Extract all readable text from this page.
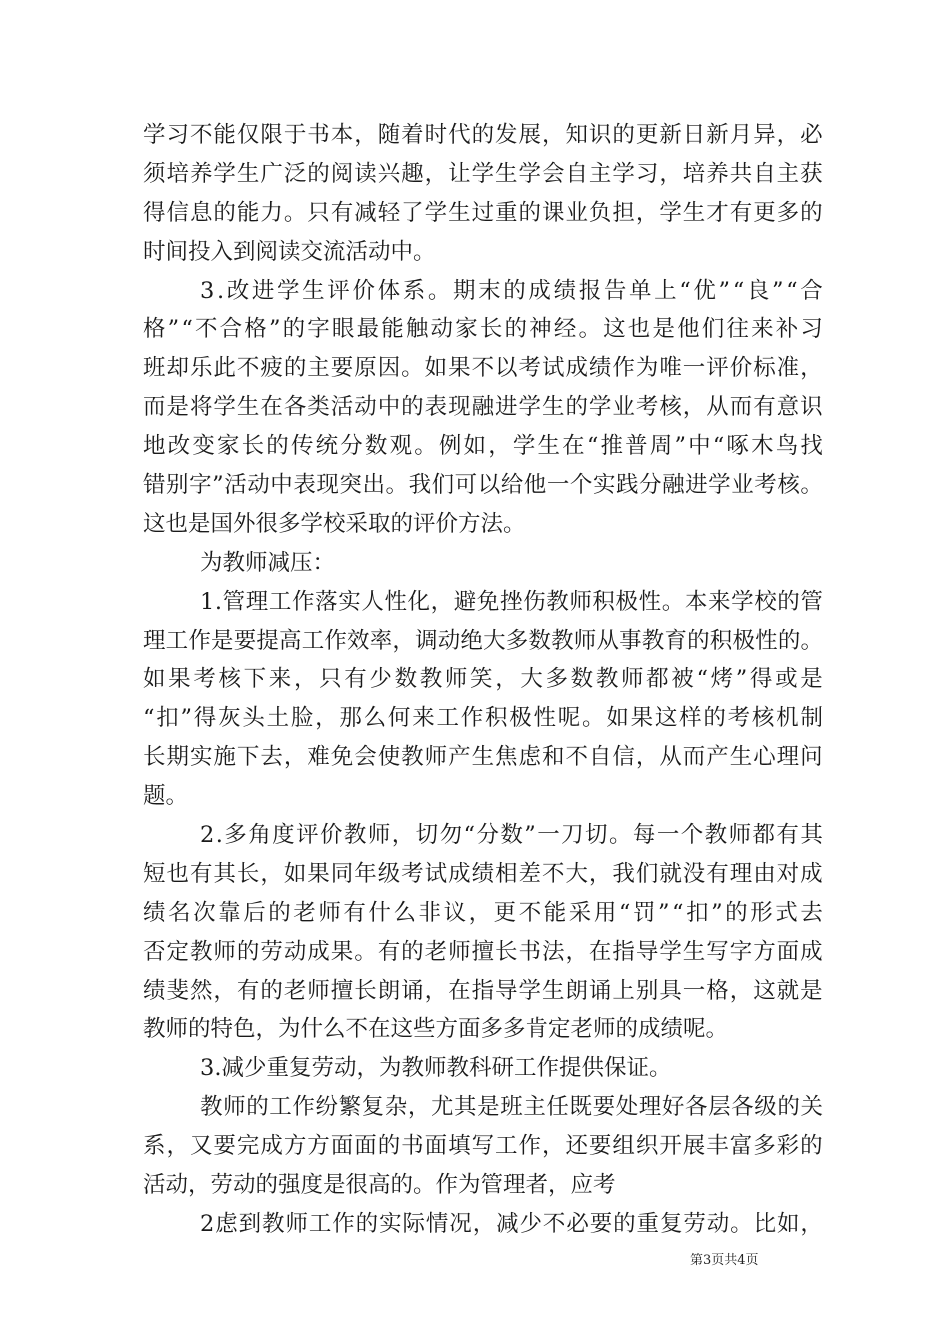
学 习 不 能 仅 限 于 书 本 ， 随 着 时 代 的 发 展 ， 知 识 的 更 新 日 新 月 异 ， 必
须 培 养 学 生 广 泛 的 阅 读 兴 趣 ， 让 学 生 学 会 自 主 学 习 ， 培 养 共 自 主 获
得 信 息 的 能 力 。 只 有 减 轻 了 学 生 过 重 的 课 业 负 担 ， 学 生 才 有 更 多 的
时间投入到阅读交流活动中。
3 . 改 进 学 生 评 价 体 系 。 期 末 的 成 绩 报 告 单 上 “ 优 ” “ 良 ” “ 合
格 ” “ 不 合 格 ” 的 字 眼 最 能 触 动 家 长 的 神 经 。 这 也 是 他 们 往 来 补 习
班 却 乐 此 不 疲 的 主 要 原 因 。 如 果 不 以 考 试 成 绩 作 为 唯 一 评 价 标 准 ，
而 是 将 学 生 在 各 类 活 动 中 的 表 现 融 进 学 生 的 学 业 考 核 ， 从 而 有 意 识
地 改 变 家 长 的 传 统 分 数 观 。 例 如 ， 学 生 在 “ 推 普 周 ” 中 “ 啄 木 鸟 找
错 别 字 ” 活 动 中 表 现 突 出 。 我 们 可 以 给 他 一 个 实 践 分 融 进 学 业 考 核 。
这也是国外很多学校采取的评价方法。
为教师减压：
1 . 管 理 工 作 落 实 人 性 化 ， 避 免 挫 伤 教 师 积 极 性 。 本 来 学 校 的 管
理 工 作 是 要 提 高 工 作 效 率 ， 调 动 绝 大 多 数 教 师 从 事 教 育 的 积 极 性 的 。
如 果 考 核 下 来 ， 只 有 少 数 教 师 笑 ， 大 多 数 教 师 都 被 “ 烤 ” 得 或 是
“ 扣 ” 得 灰 头 土 脸 ， 那 么 何 来 工 作 积 极 性 呢 。 如 果 这 样 的 考 核 机 制
长 期 实 施 下 去 ， 难 免 会 使 教 师 产 生 焦 虑 和 不 自 信 ， 从 而 产 生 心 理 问
题。
2 . 多 角 度 评 价 教 师 ， 切 勿 “ 分 数 ” 一 刀 切 。 每 一 个 教 师 都 有 其
短 也 有 其 长 ， 如 果 同 年 级 考 试 成 绩 相 差 不 大 ， 我 们 就 没 有 理 由 对 成
绩 名 次 靠 后 的 老 师 有 什 么 非 议 ， 更 不 能 采 用 “ 罚 ” “ 扣 ” 的 形 式 去
否 定 教 师 的 劳 动 成 果 。 有 的 老 师 擅 长 书 法 ， 在 指 导 学 生 写 字 方 面 成
绩 斐 然 ， 有 的 老 师 擅 长 朗 诵 ， 在 指 导 学 生 朗 诵 上 别 具 一 格 ， 这 就 是
教师的特色，为什么不在这些方面多多肯定老师的成绩呢。
3.减少重复劳动，为教师教科研工作提供保证。
教 师 的 工 作 纷 繁 复 杂 ， 尤 其 是 班 主 任 既 要 处 理 好 各 层 各 级 的 关
系 ， 又 要 完 成 方 方 面 面 的 书 面 填 写 工 作 ， 还 要 组 织 开 展 丰 富 多 彩 的
活动，劳动的强度是很高的。作为管理者，应考
2 虑 到 教 师 工 作 的 实 际 情 况 ， 减 少 不 必 要 的 重 复 劳 动 。 比 如 ，
第3页共4页
